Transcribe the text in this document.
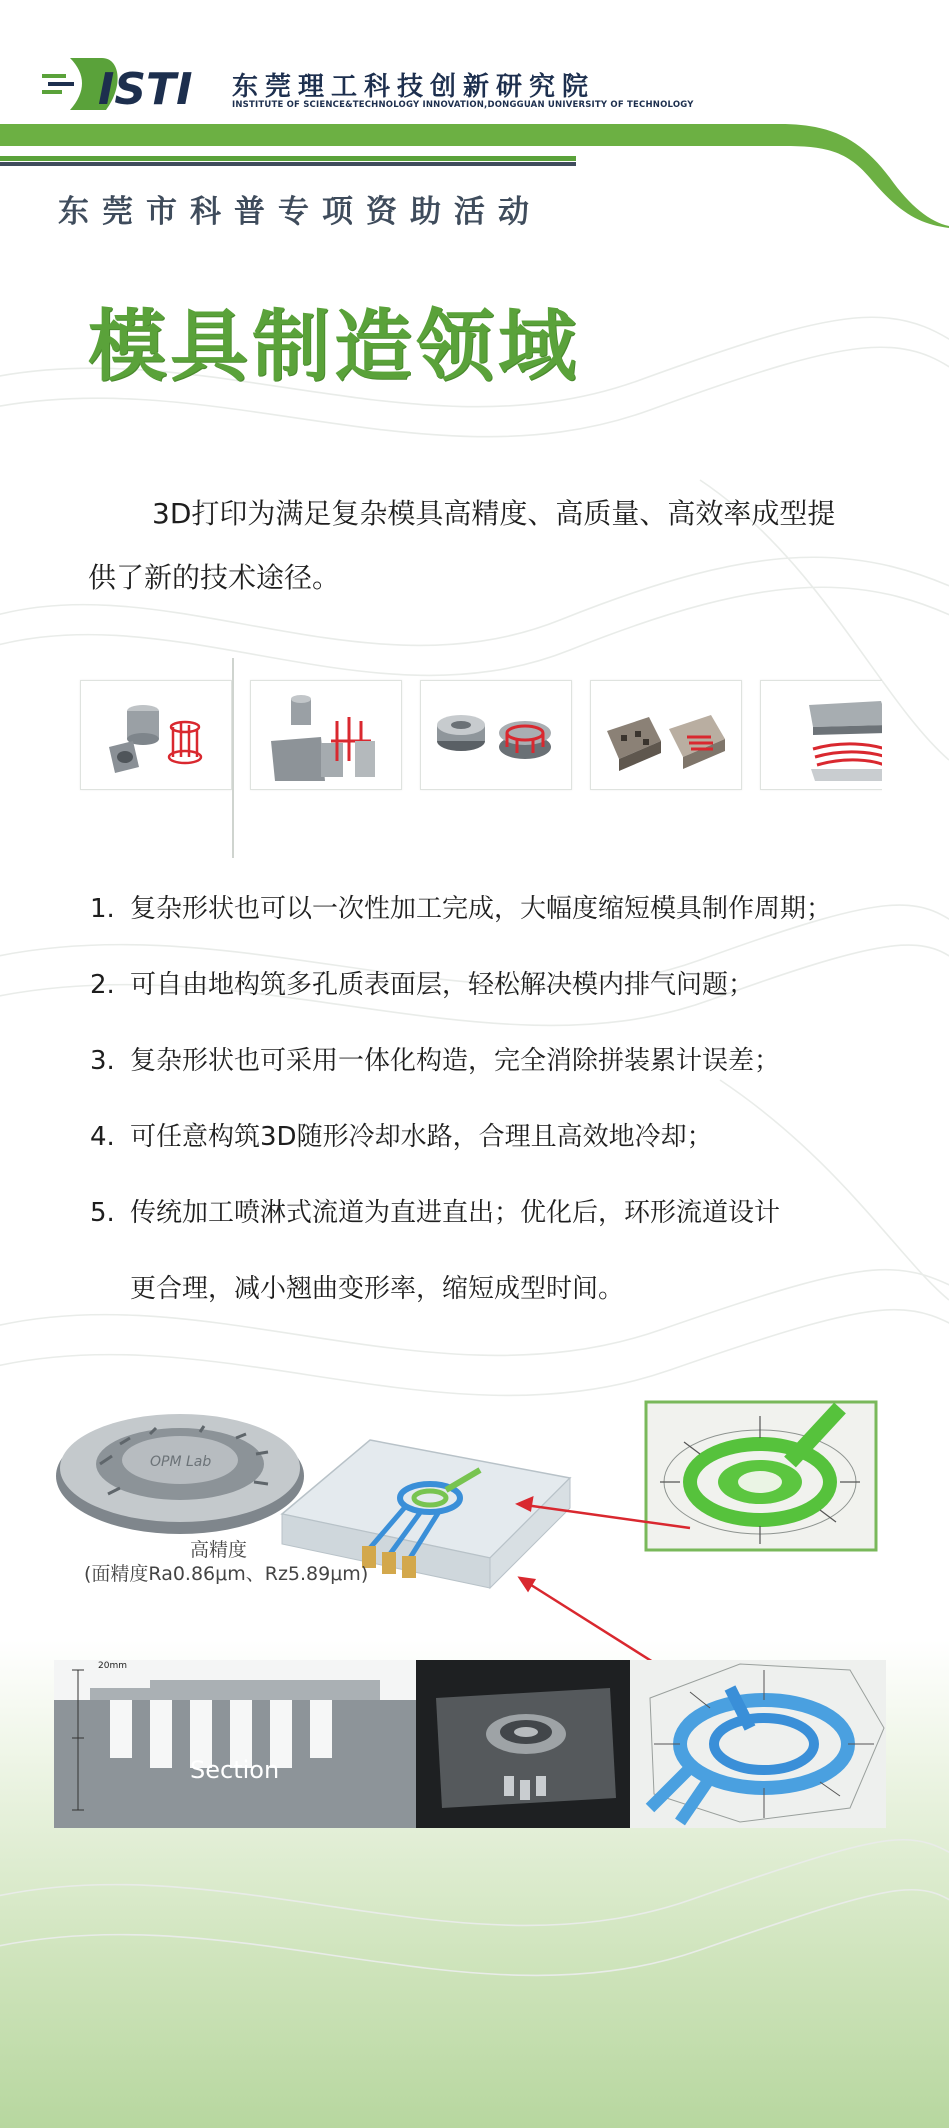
ISTI 东莞理工科技创新研究院
INSTITUTE OF SCIENCE&TECHNOLOGY INNOVATION,DONGGUAN UNIVERSITY OF TECHNOLOGY
东莞市科普专项资助活动
模具制造领域
3D打印为满足复杂模具高精度、高质量、高效率成型提
供了新的技术途径。
1. 复杂形状也可以一次性加工完成，大幅度缩短模具制作周期；
2. 可自由地构筑多孔质表面层，轻松解决模内排气问题；
3. 复杂形状也可采用一体化构造，完全消除拼装累计误差；
4. 可任意构筑3D随形冷却水路，合理且高效地冷却；
5. 传统加工喷淋式流道为直进直出；优化后，环形流道设计
更合理，减小翘曲变形率，缩短成型时间。
OPM Lab
高精度
(面精度Ra0.86μm、Rz5.89μm)
20mm
Section
